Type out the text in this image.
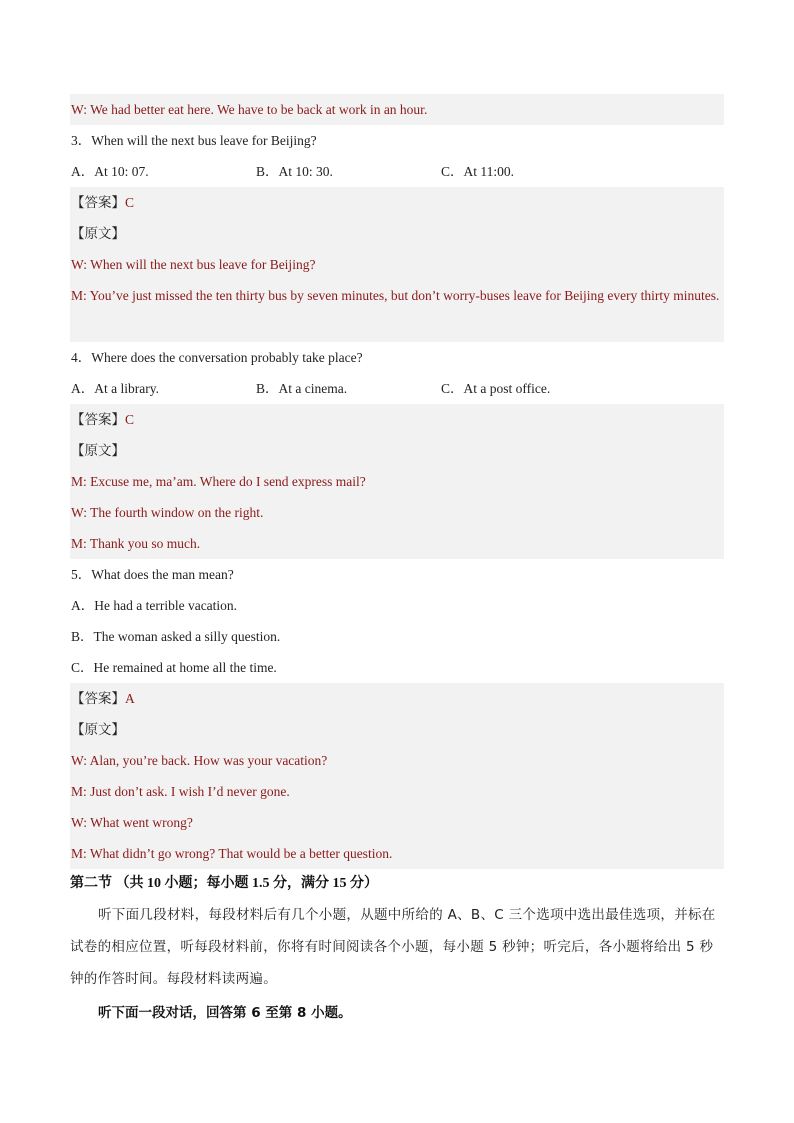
W: We had better eat here. We have to be back at work in an hour.
3．When will the next bus leave for Beijing?
A．At 10: 07.	B．At 10: 30.	C．At 11:00.
【答案】C
【原文】
W: When will the next bus leave for Beijing?
M: You’ve just missed the ten thirty bus by seven minutes, but don’t worry-buses leave for Beijing every thirty minutes.
4．Where does the conversation probably take place?
A．At a library.	B．At a cinema.	C．At a post office.
【答案】C
【原文】
M: Excuse me, ma’am. Where do I send express mail?
W: The fourth window on the right.
M: Thank you so much.
5．What does the man mean?
A．He had a terrible vacation.
B．The woman asked a silly question.
C．He remained at home all the time.
【答案】A
【原文】
W: Alan, you’re back. How was your vacation?
M: Just don’t ask. I wish I’d never gone.
W: What went wrong?
M: What didn’t go wrong? That would be a better question.
第二节 （共 10 小题；每小题 1.5 分，满分 15 分）
听下面几段材料，每段材料后有几个小题，从题中所给的 A、B、C 三个选项中选出最佳选项，并标在试卷的相应位置，听每段材料前，你将有时间阅读各个小题，每小题 5 秒钟；听完后，各小题将给出 5 秒钟的作答时间。每段材料读两遍。
听下面一段对话，回答第 6 至第 8 小题。
